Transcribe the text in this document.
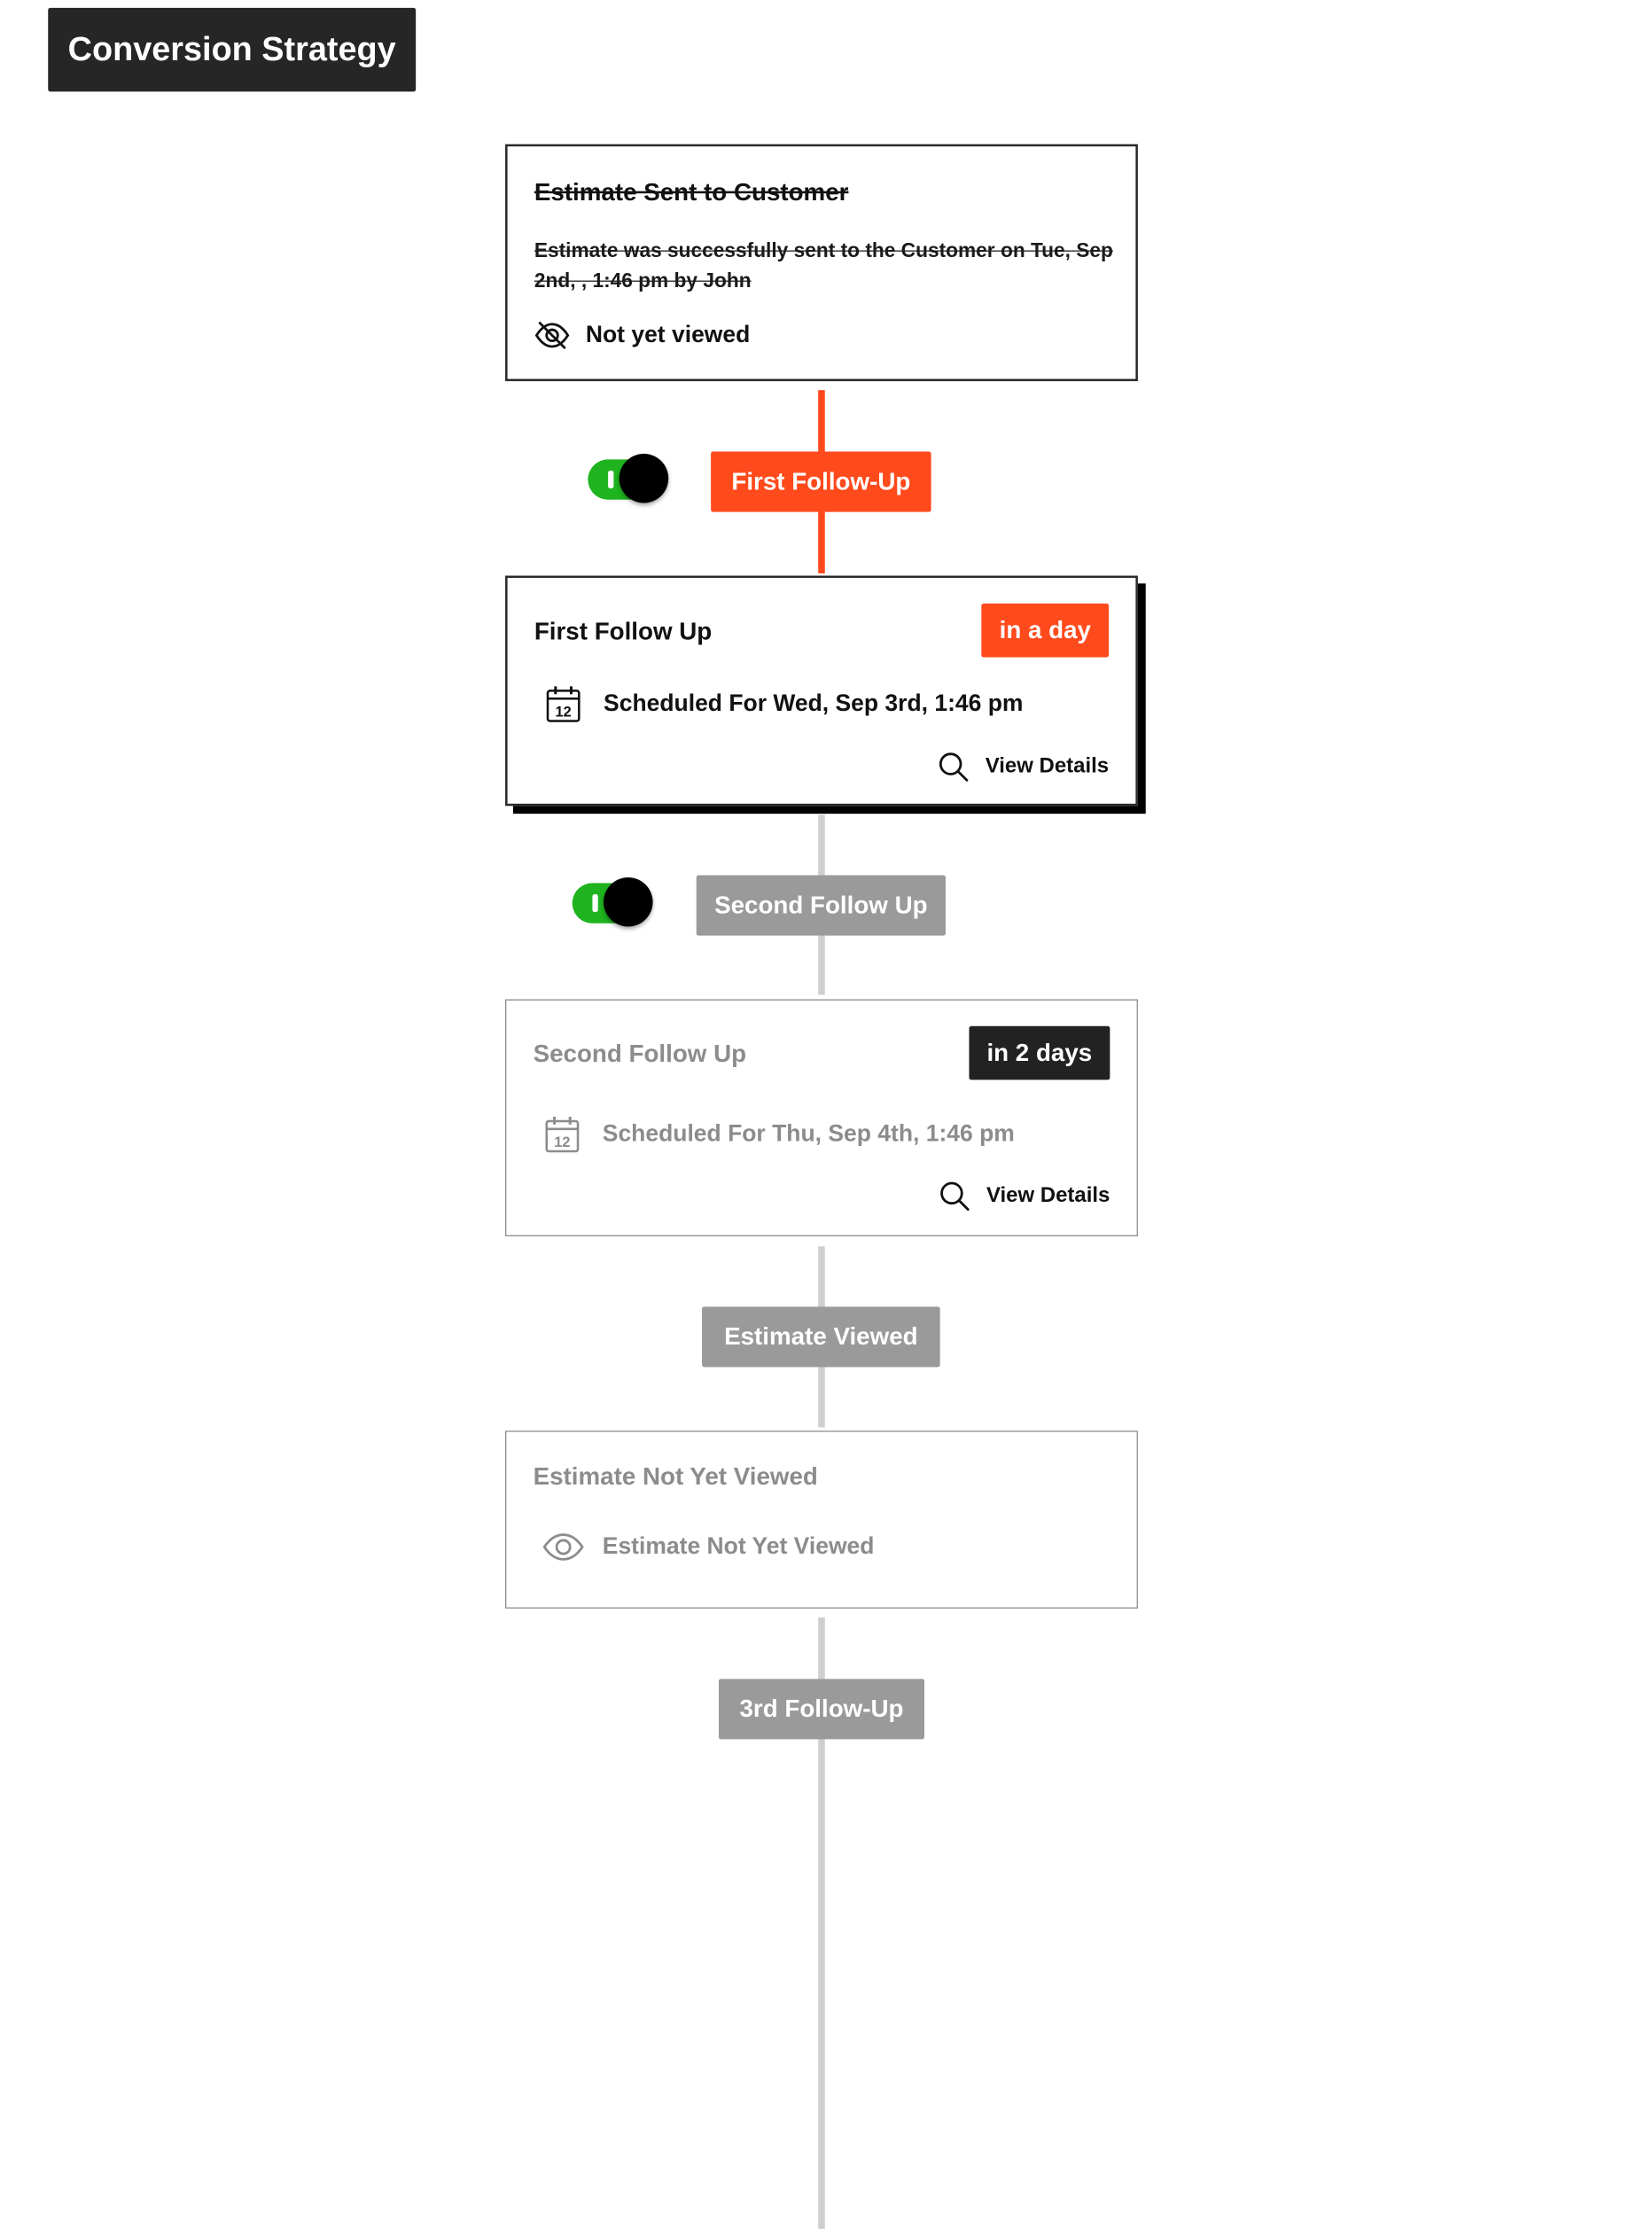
Conversion Strategy
Estimate Sent to Customer
Estimate was successfully sent to the Customer on Tue, Sep 2nd, , 1:46 pm by John
Not yet viewed
First Follow-Up
First Follow Up	in a day
12 Scheduled For Wed, Sep 3rd, 1:46 pm
View Details
Second Follow Up
Second Follow Up	in 2 days
12 Scheduled For Thu, Sep 4th, 1:46 pm
View Details
Estimate Viewed
Estimate Not Yet Viewed
Estimate Not Yet Viewed
3rd Follow-Up
